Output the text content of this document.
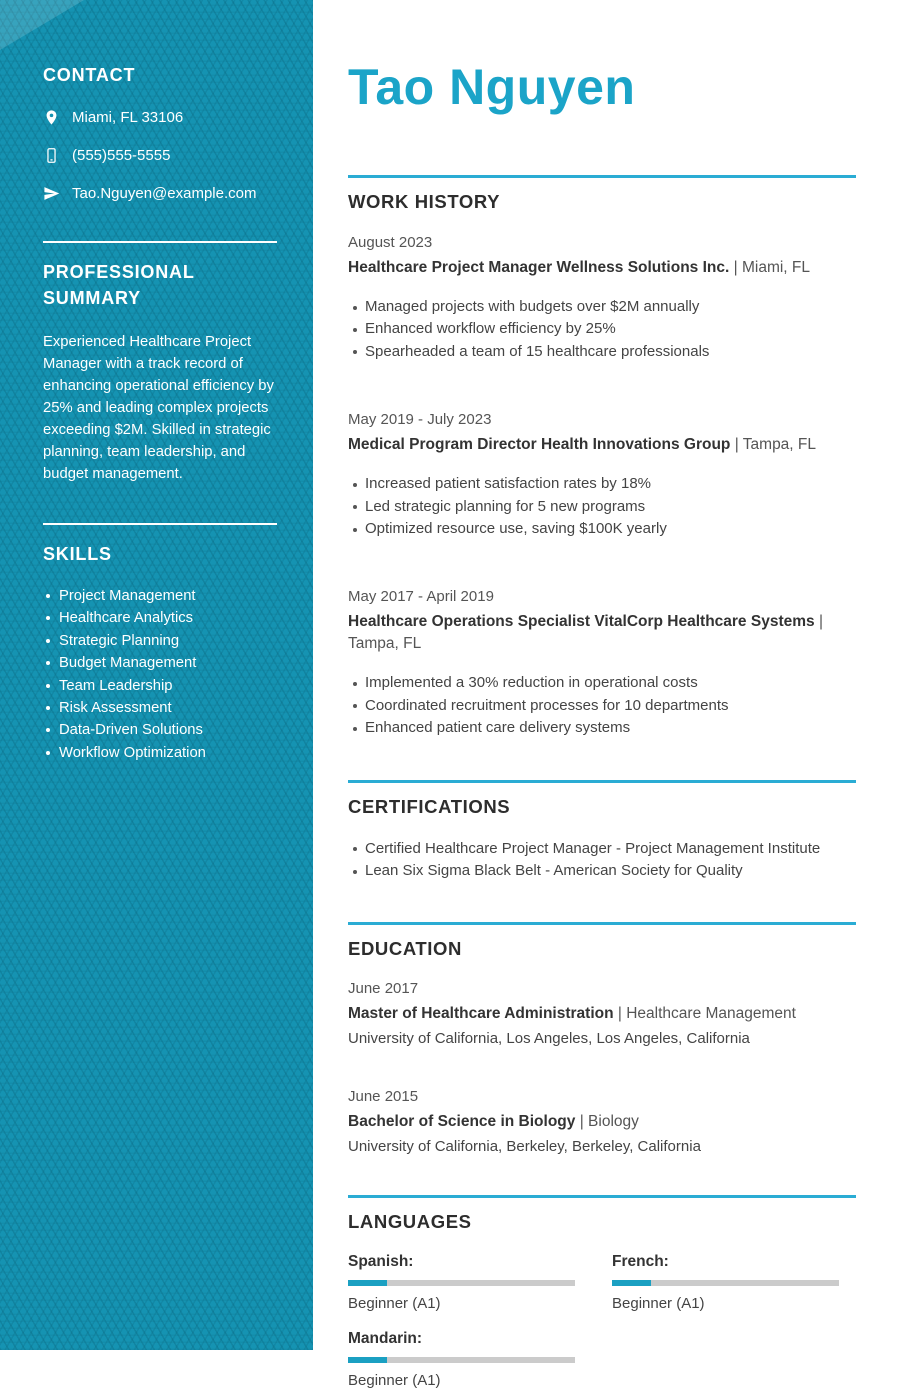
CONTACT
Miami, FL 33106
(555)555-5555
Tao.Nguyen@example.com
PROFESSIONAL SUMMARY

Experienced Healthcare Project Manager with a track record of enhancing operational efficiency by 25% and leading complex projects exceeding $2M. Skilled in strategic planning, team leadership, and budget management.

SKILLS
Project Management
Healthcare Analytics
Strategic Planning
Budget Management
Team Leadership
Risk Assessment
Data-Driven Solutions
Workflow Optimization
Tao Nguyen
WORK HISTORY

August 2023

Healthcare Project Manager Wellness Solutions Inc. | Miami, FL

Managed projects with budgets over $2M annually
Enhanced workflow efficiency by 25%
Spearheaded a team of 15 healthcare professionals

May 2019 - July 2023

Medical Program Director Health Innovations Group | Tampa, FL

Increased patient satisfaction rates by 18%
Led strategic planning for 5 new programs
Optimized resource use, saving $100K yearly

May 2017 - April 2019

Healthcare Operations Specialist VitalCorp Healthcare Systems | Tampa, FL

Implemented a 30% reduction in operational costs
Coordinated recruitment processes for 10 departments
Enhanced patient care delivery systems
CERTIFICATIONS
Certified Healthcare Project Manager - Project Management Institute
Lean Six Sigma Black Belt - American Society for Quality
EDUCATION

June 2017

Master of Healthcare Administration | Healthcare Management

University of California, Los Angeles, Los Angeles, California

June 2015

Bachelor of Science in Biology | Biology

University of California, Berkeley, Berkeley, California

LANGUAGES

Spanish:

Beginner (A1)

French:

Beginner (A1)

Mandarin:

Beginner (A1)
